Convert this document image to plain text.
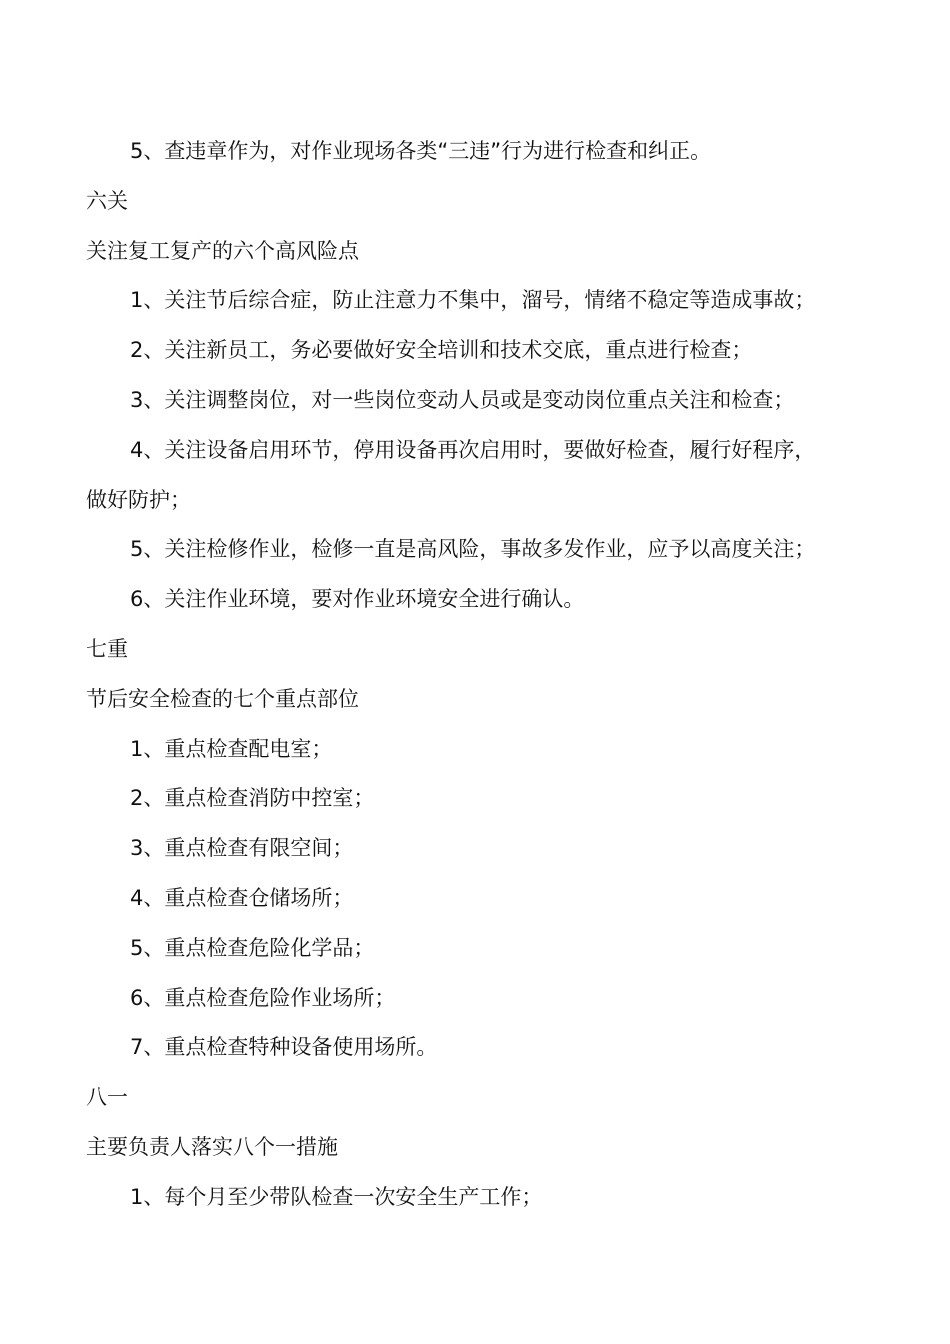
5、查违章作为，对作业现场各类“三违”行为进行检查和纠正。
六关
关注复工复产的六个高风险点
1、关注节后综合症，防止注意力不集中，溜号，情绪不稳定等造成事故；
2、关注新员工，务必要做好安全培训和技术交底，重点进行检查；
3、关注调整岗位，对一些岗位变动人员或是变动岗位重点关注和检查；
4、关注设备启用环节，停用设备再次启用时，要做好检查，履行好程序，
做好防护；
5、关注检修作业，检修一直是高风险，事故多发作业，应予以高度关注；
6、关注作业环境，要对作业环境安全进行确认。
七重
节后安全检查的七个重点部位
1、重点检查配电室；
2、重点检查消防中控室；
3、重点检查有限空间；
4、重点检查仓储场所；
5、重点检查危险化学品；
6、重点检查危险作业场所；
7、重点检查特种设备使用场所。
八一
主要负责人落实八个一措施
1、每个月至少带队检查一次安全生产工作；
